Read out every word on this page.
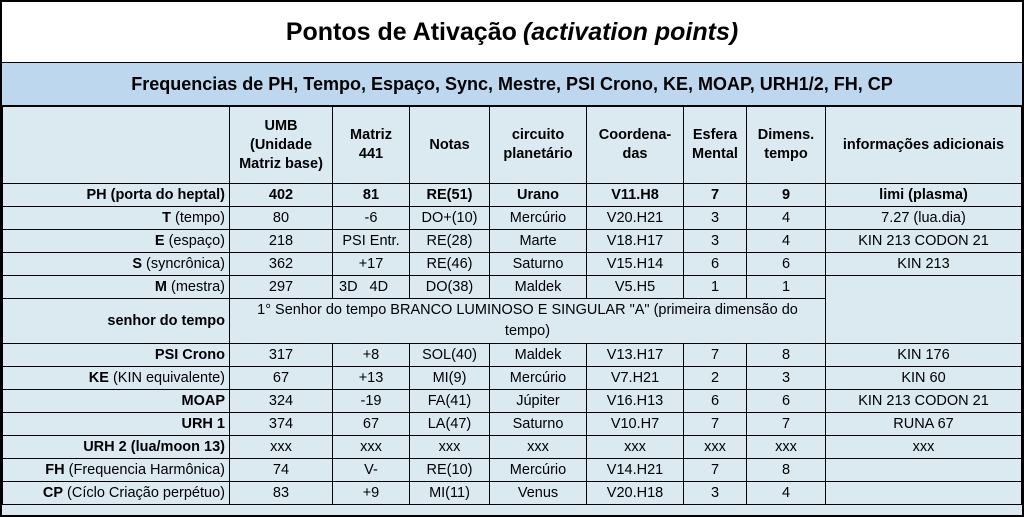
Pontos de Ativação (activation points)
Frequencias de PH, Tempo, Espaço, Sync, Mestre, PSI Crono, KE, MOAP, URH1/2, FH, CP
	UMB (Unidade Matriz base)	Matriz 441	Notas	circuito planetário	Coordena-das	Esfera Mental	Dimens. tempo	informações adicionais
PH (porta do heptal)	402	81	RE(51)	Urano	V11.H8	7	9	limi (plasma)
T (tempo)	80	-6	DO+(10)	Mercúrio	V20.H21	3	4	7.27 (lua.dia)
E (espaço)	218	PSI Entr.	RE(28)	Marte	V18.H17	3	4	KIN 213 CODON 21
S (syncrônica)	362	+17	RE(46)	Saturno	V15.H14	6	6	KIN 213
M (mestra)	297	3D 4D	DO(38)	Maldek	V5.H5	1	1	
senhor do tempo	1° Senhor do tempo BRANCO LUMINOSO E SINGULAR "A" (primeira dimensão do tempo)							
PSI Crono	317	+8	SOL(40)	Maldek	V13.H17	7	8	KIN 176
KE (KIN equivalente)	67	+13	MI(9)	Mercúrio	V7.H21	2	3	KIN 60
MOAP	324	-19	FA(41)	Júpiter	V16.H13	6	6	KIN 213 CODON 21
URH 1	374	67	LA(47)	Saturno	V10.H7	7	7	RUNA 67
URH 2 (lua/moon 13)	xxx	xxx	xxx	xxx	xxx	xxx	xxx	xxx
FH (Frequencia Harmônica)	74	V-	RE(10)	Mercúrio	V14.H21	7	8	
CP (Cíclo Criação perpétuo)	83	+9	MI(11)	Venus	V20.H18	3	4	
